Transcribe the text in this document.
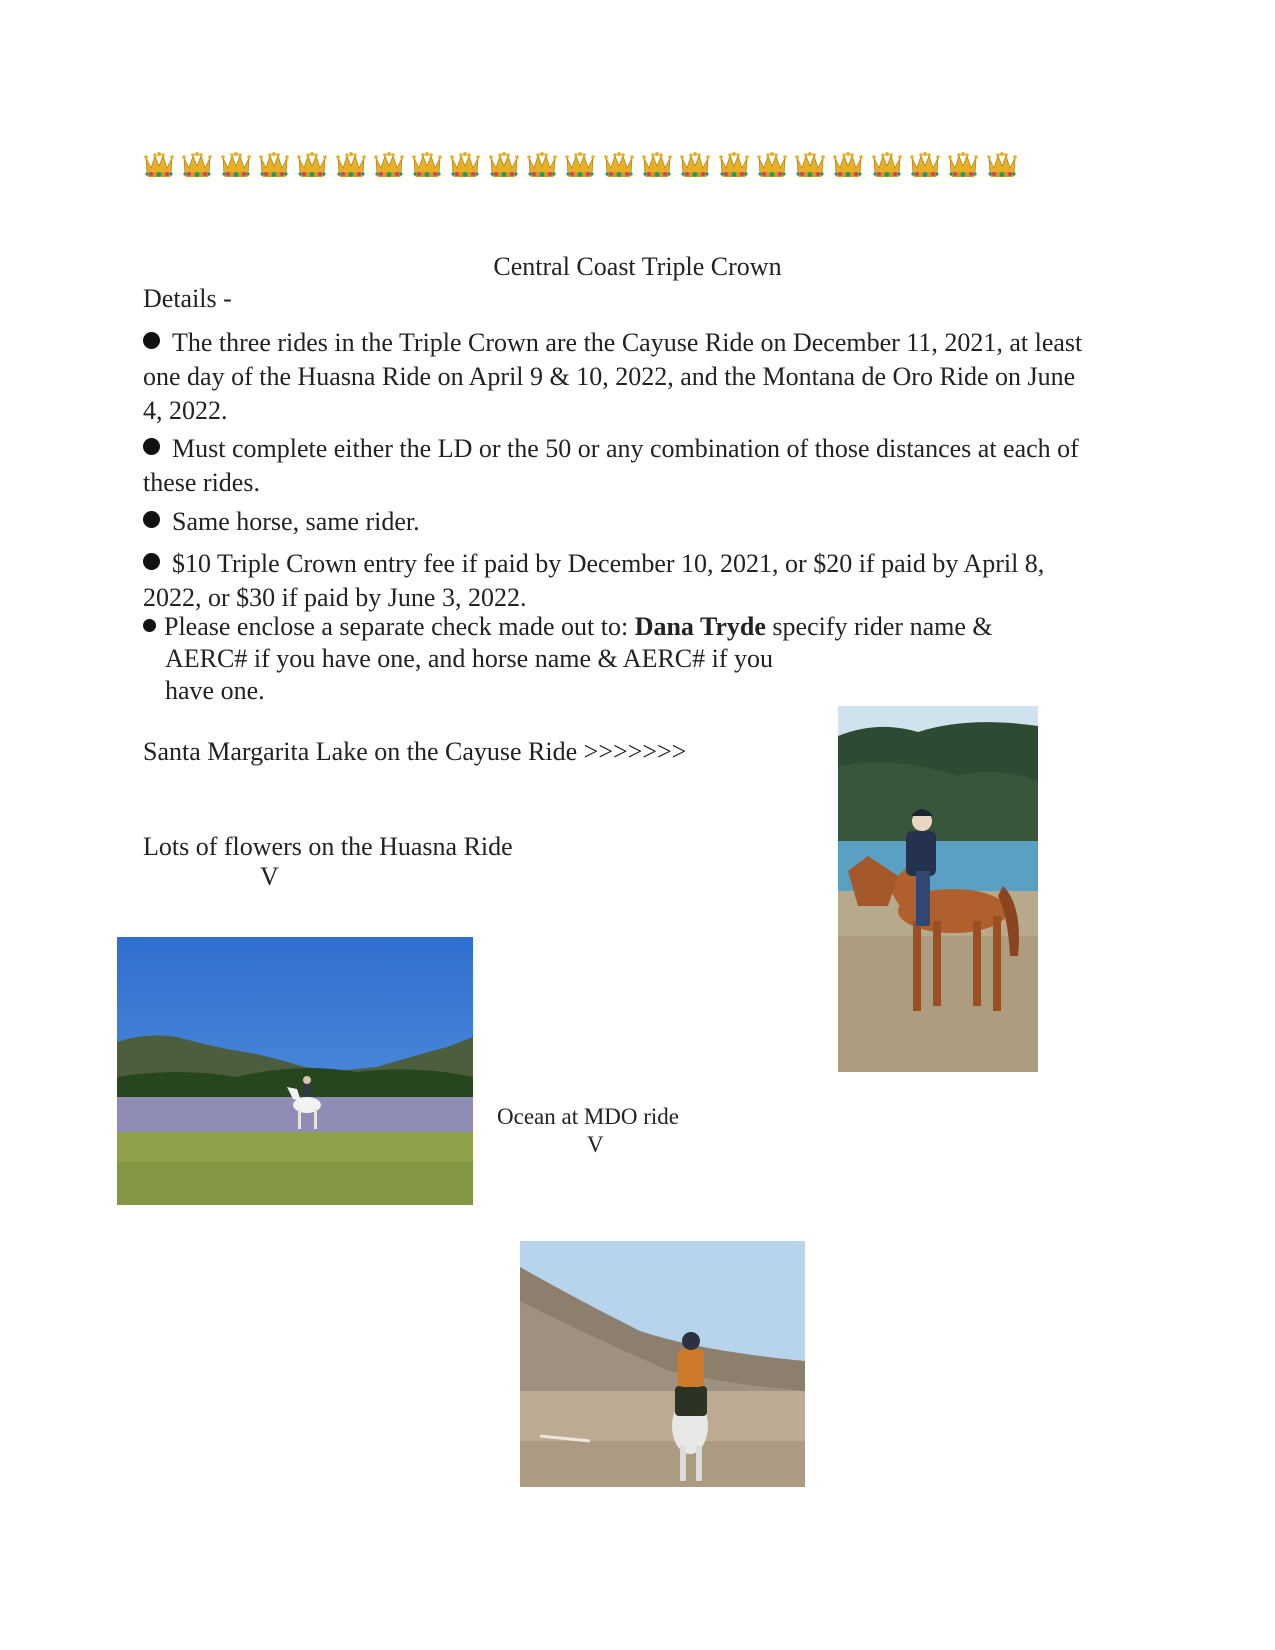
Central Coast Triple Crown
Details -
The three rides in the Triple Crown are the Cayuse Ride on December 11, 2021, at least one day of the Huasna Ride on April 9 & 10, 2022, and the Montana de Oro Ride on June 4, 2022.
Must complete either the LD or the 50 or any combination of those distances at each of these rides.
Same horse, same rider.
$10 Triple Crown entry fee if paid by December 10, 2021, or $20 if paid by April 8, 2022, or $30 if paid by June 3, 2022.
Please enclose a separate check made out to: Dana Tryde specify rider name &
AERC# if you have one, and horse name & AERC# if you
have one.
Santa Margarita Lake on the Cayuse Ride >>>>>>>
Lots of flowers on the Huasna Ride
V
Ocean at MDO ride
V
